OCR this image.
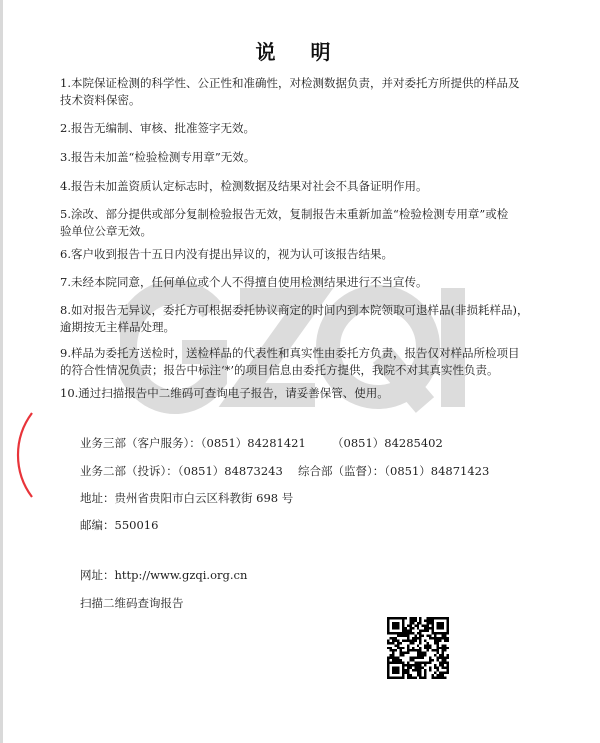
说 明
1.本院保证检测的科学性、公正性和准确性，对检测数据负责，并对委托方所提供的样品及
技术资料保密。
2.报告无编制、审核、批准签字无效。
3.报告未加盖“检验检测专用章”无效。
4.报告未加盖资质认定标志时，检测数据及结果对社会不具备证明作用。
5.涂改、部分提供或部分复制检验报告无效，复制报告未重新加盖“检验检测专用章”或检
验单位公章无效。
6.客户收到报告十五日内没有提出异议的，视为认可该报告结果。
7.未经本院同意，任何单位或个人不得擅自使用检测结果进行不当宣传。
8.如对报告无异议，委托方可根据委托协议商定的时间内到本院领取可退样品(非损耗样品)，
逾期按无主样品处理。
9.样品为委托方送检时，送检样品的代表性和真实性由委托方负责，报告仅对样品所检项目
的符合性情况负责；报告中标注‘*’的项目信息由委托方提供，我院不对其真实性负责。
10.通过扫描报告中二维码可查询电子报告，请妥善保管、使用。
业务三部（客户服务）：（0851）84281421 （0851）84285402
业务二部（投诉）：（0851）84873243 综合部（监督）：（0851）84871423
地址：贵州省贵阳市白云区科教街 698 号
邮编：550016
网址：http://www.gzqi.org.cn
扫描二维码查询报告
